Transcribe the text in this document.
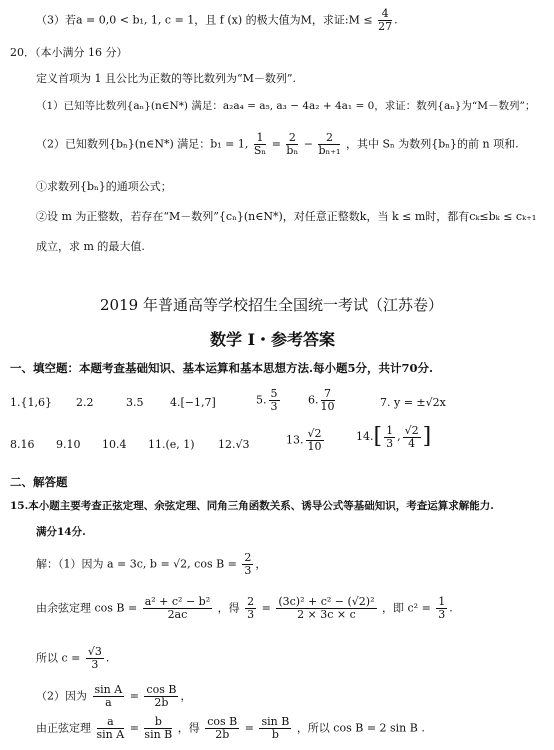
（3）若a = 0,0 < b₁, 1, c = 1，且 f (x) 的极大值为M，求证:M ≤ $\frac{4}{27}$ .
20．（本小满分 16 分）
定义首项为 1 且公比为正数的等比数列为“M－数列”.
（1）已知等比数列{aₙ}(n∈N*) 满足：a₂a₄ = a₅, a₃ − 4a₂ + 4a₁ = 0，求证：数列{aₙ}为“M－数列”；
（2）已知数列{bₙ}(n∈N*) 满足：b₁ = 1, $\frac{1}{\text{Sₙ}} = \frac{2}{\text{bₙ}} - \frac{2}{\text{bₙ₊₁}}$ ，其中 Sₙ 为数列{bₙ}的前 n 项和.
①求数列{bₙ}的通项公式；
②设 m 为正整数，若存在“M－数列”{cₙ}(n∈N*)，对任意正整数k，当 k ≤ m时，都有cₖ≤bₖ ≤ cₖ₊₁
成立，求 m 的最大值.
2019 年普通高等学校招生全国统一考试（江苏卷）
数学 Ⅰ・参考答案
一、填空题：本题考查基础知识、基本运算和基本思想方法.每小题5分，共计70分.
1.{1,6} 2.2	3.5 4.[−1,7]	5. $\frac{5}{3}$	6. $\frac{7}{10}$	7. y = ±√2x
8.16 9.10 10.4 11.(e, 1) 12.√3	13. $\frac{√2}{10}$	$14.[ \frac{1}{3}$ , $\frac{√2}{4}$ ]
二、解答题
15.本小题主要考查正弦定理、余弦定理、同角三角函数关系、诱导公式等基础知识，考查运算求解能力.
满分14分.
解：（1）因为 a = 3c, b = √2, $\cos B = \frac{2}{3}$ ，
由余弦定理 $\cos B = \frac{\text{a² + c² − b²}}{2ac}$ ，得 $\frac{2}{3} = \frac{\text{(3c)² + c² − (√2)²}}{2 \times 3c \times c}$ ，即 $c^2 = \frac{1}{3}$ .
所以 $c = \frac{√3}{3}$ .
（2）因为 $\frac{\text{sin A}}{a} = \frac{\text{cos B}}{2b}$ ，
由正弦定理 $\frac{a}{\text{sin A}} = \frac{b}{\text{sin B}}$ ，得 $\frac{\text{cos B}}{2b} = \frac{\text{sin B}}{b}$ ，所以 cos B = 2 sin B .
